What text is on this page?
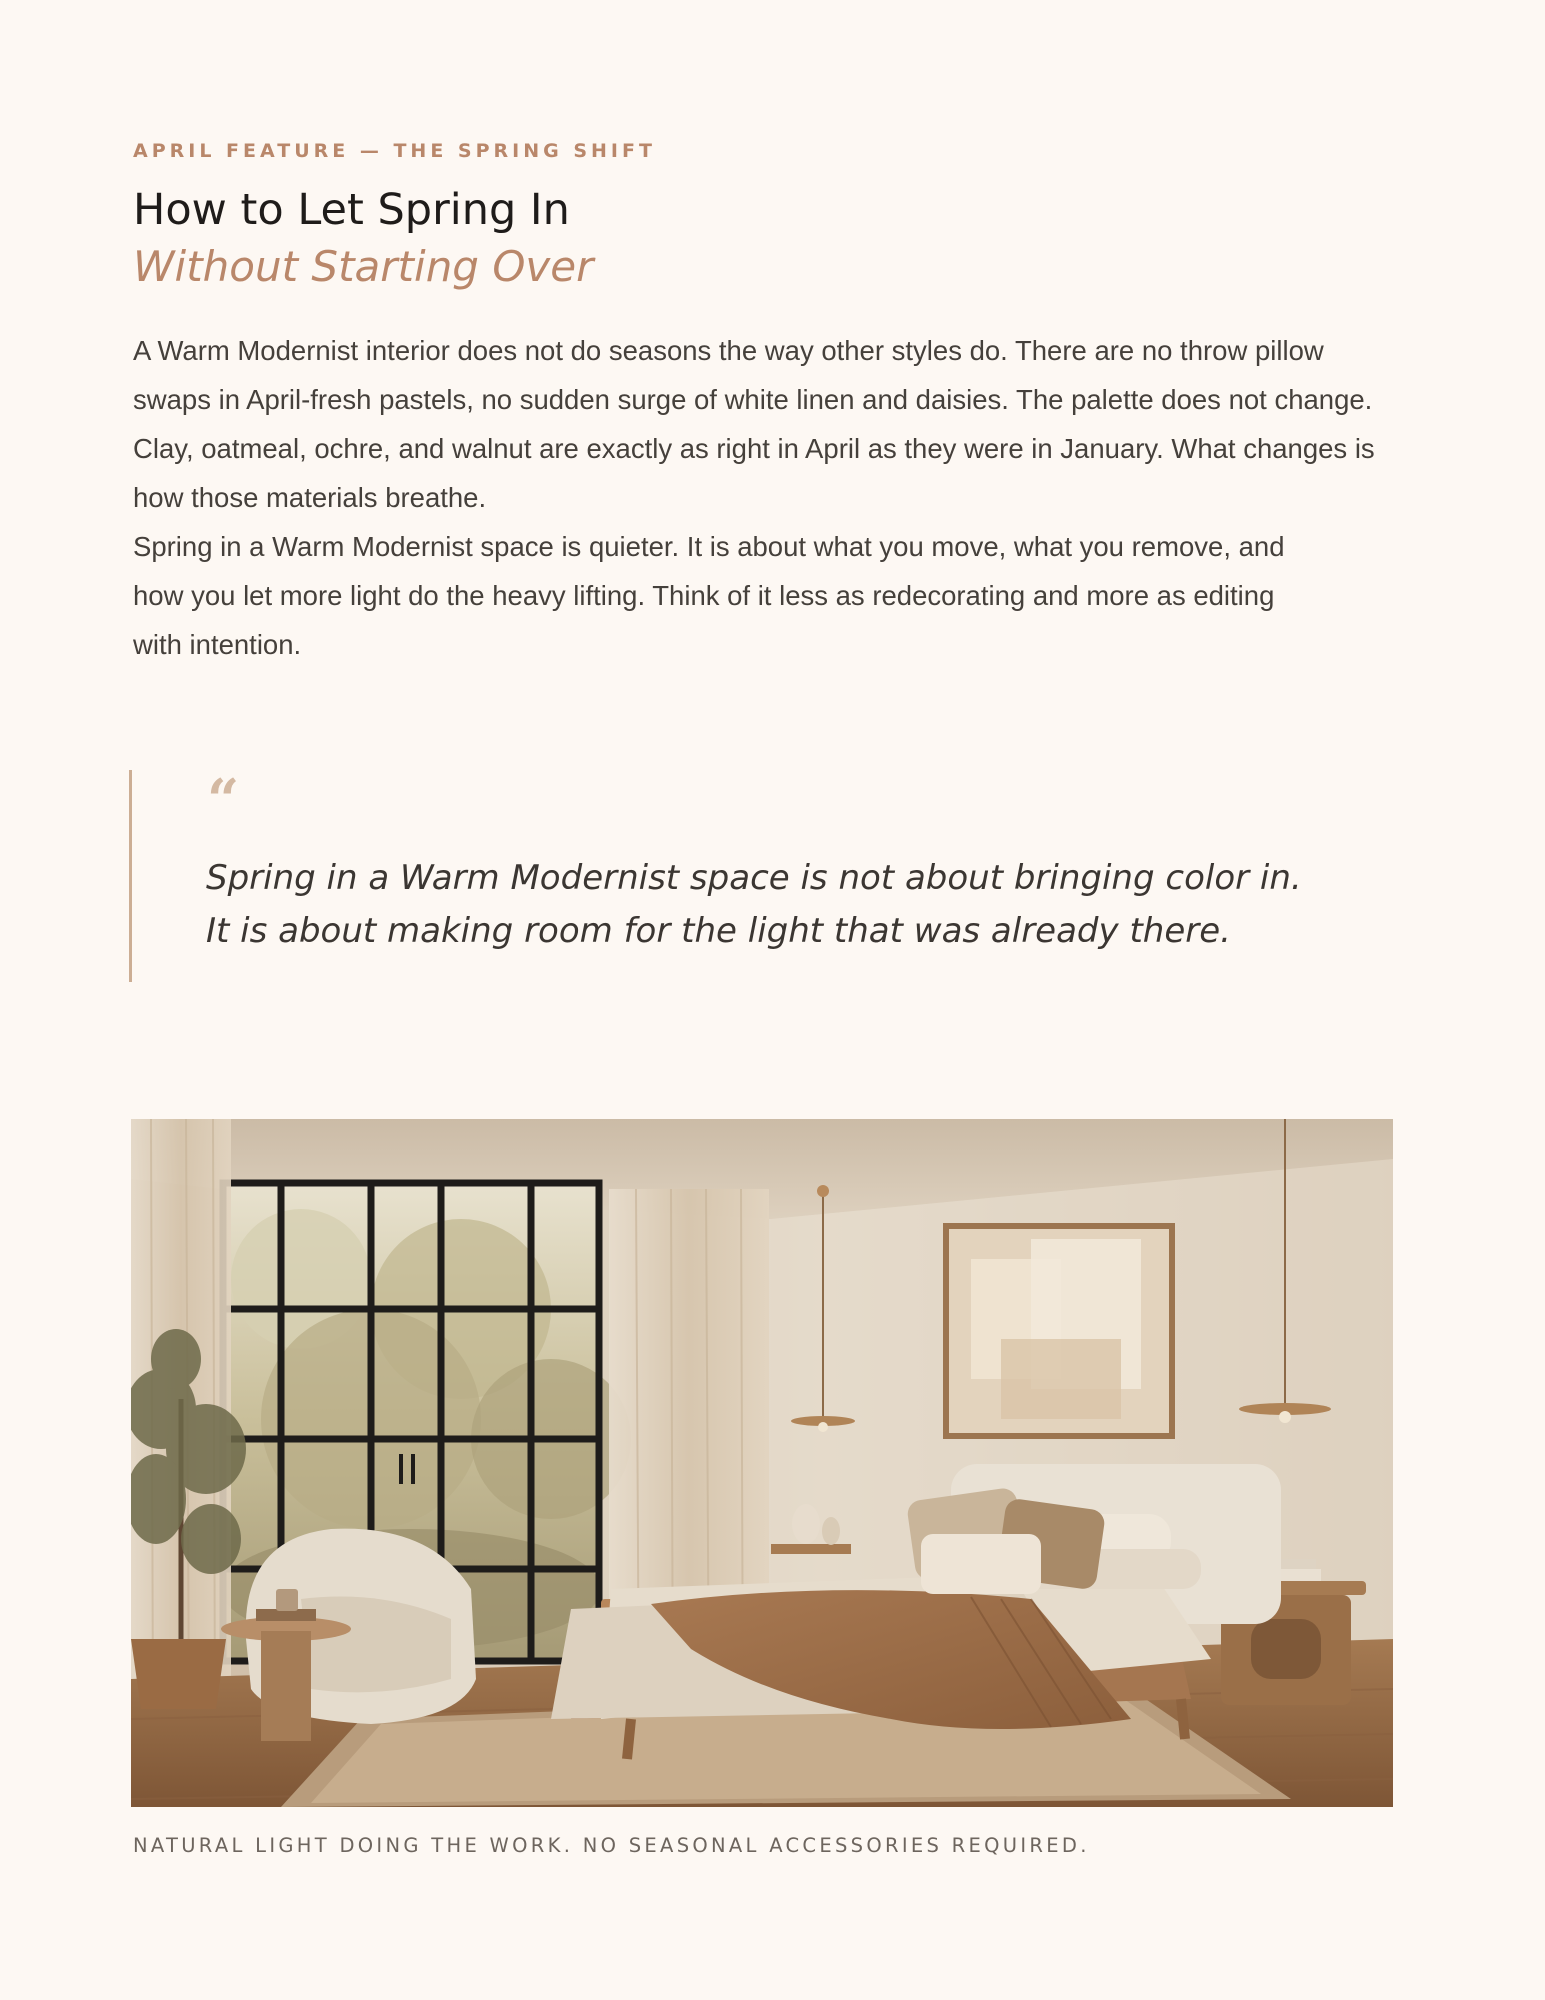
APRIL FEATURE — THE SPRING SHIFT
How to Let Spring In
Without Starting Over

A Warm Modernist interior does not do seasons the way other styles do. There are no throw pillow swaps in April-fresh pastels, no sudden surge of white linen and daisies. The palette does not change. Clay, oatmeal, ochre, and walnut are exactly as right in April as they were in January. What changes is how those materials breathe.

Spring in a Warm Modernist space is quieter. It is about what you move, what you remove, and how you let more light do the heavy lifting. Think of it less as redecorating and more as editing with intention.

“
Spring in a Warm Modernist space is not about bringing color in.
It is about making room for the light that was already there.
NATURAL LIGHT DOING THE WORK. NO SEASONAL ACCESSORIES REQUIRED.
